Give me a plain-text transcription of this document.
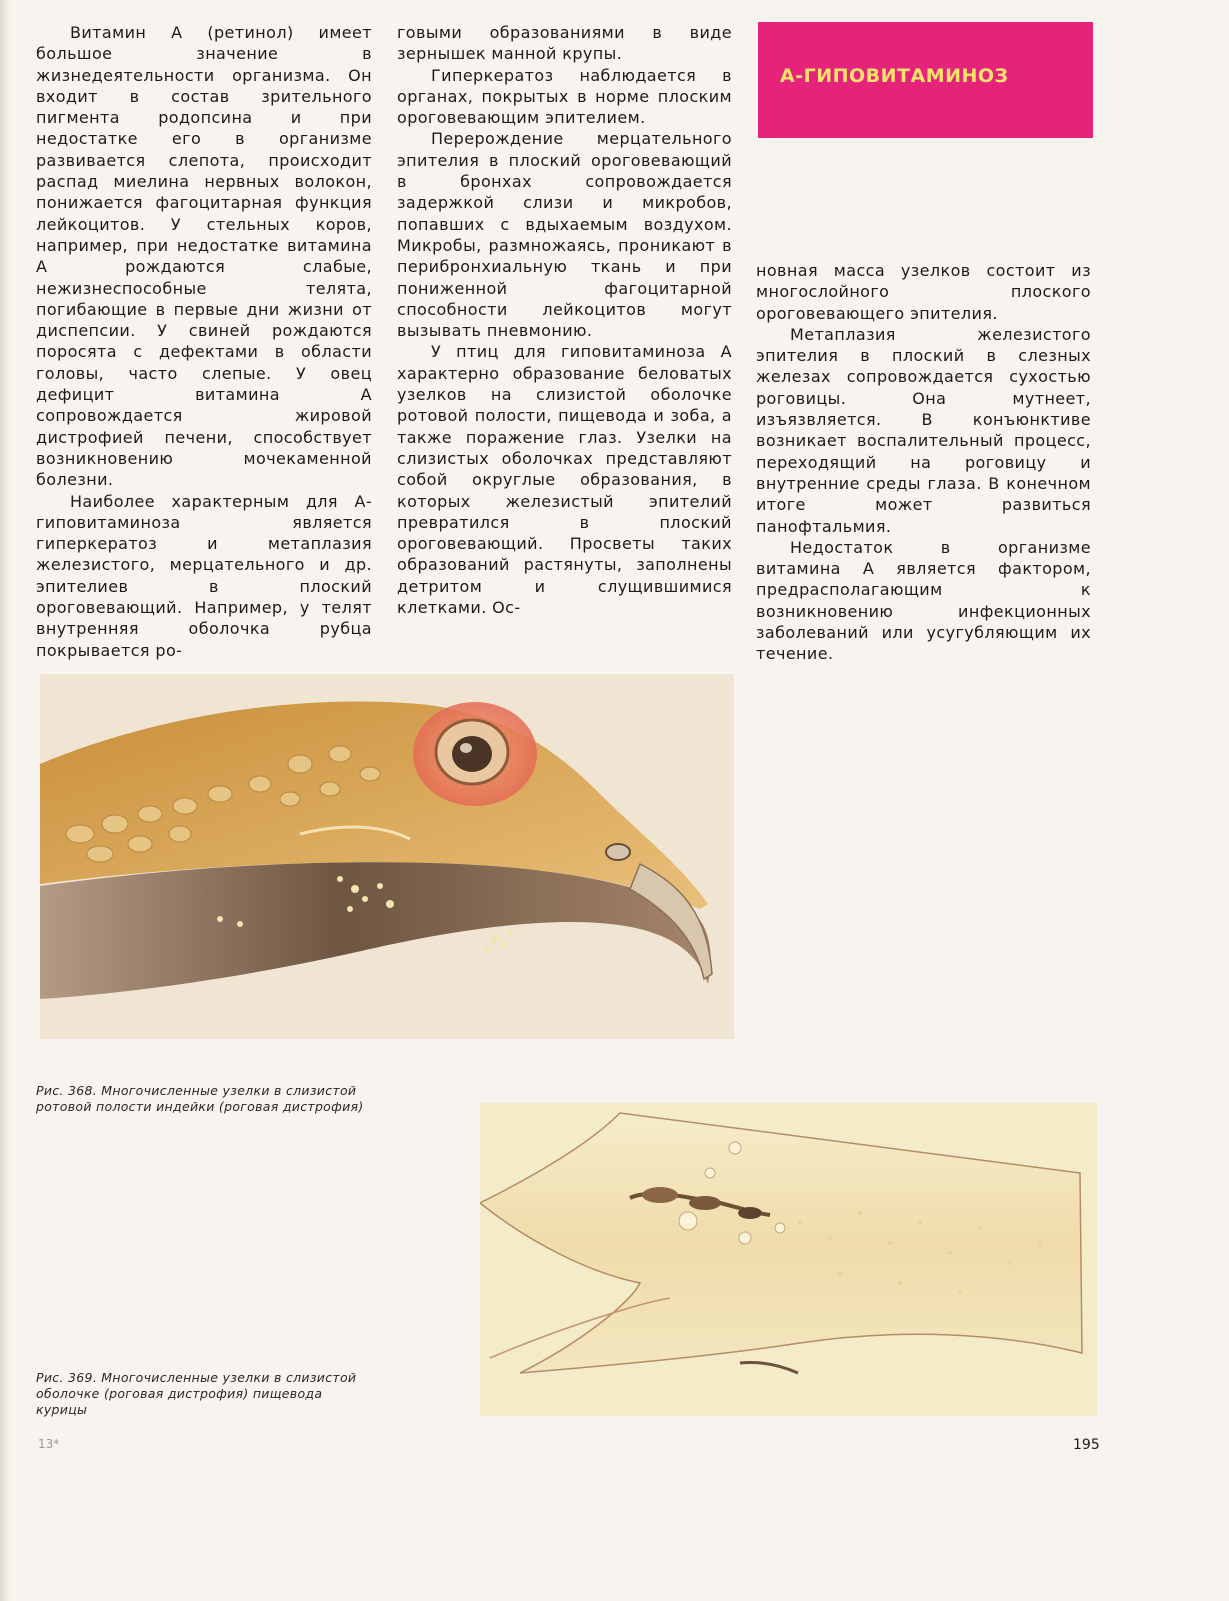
Витамин А (ретинол) имеет большое значение в жизнедеятельности организма. Он входит в состав зрительного пигмента родопсина и при недостатке его в организме развивается слепота, происходит распад миелина нервных волокон, понижается фагоцитарная функция лейкоцитов. У стельных коров, например, при недостатке витамина А рождаются слабые, нежизнеспособные телята, погибающие в первые дни жизни от диспепсии. У свиней рождаются поросята с дефектами в области головы, часто слепые. У овец дефицит витамина А сопровождается жировой дистрофией печени, способствует возникновению мочекаменной болезни.

Наиболее характерным для А-гиповитаминоза является гиперкератоз и метаплазия железистого, мерцательного и др. эпителиев в плоский ороговевающий. Например, у телят внутренняя оболочка рубца покрывается ро-

говыми образованиями в виде зернышек манной крупы.

Гиперкератоз наблюдается в органах, покрытых в норме плоским ороговевающим эпителием.

Перерождение мерцательного эпителия в плоский ороговевающий в бронхах сопровождается задержкой слизи и микробов, попавших с вдыхаемым воздухом. Микробы, размножаясь, проникают в перибронхиальную ткань и при пониженной фагоцитарной способности лейкоцитов могут вызывать пневмонию.

У птиц для гиповитаминоза А характерно образование беловатых узелков на слизистой оболочке ротовой полости, пищевода и зоба, а также поражение глаз. Узелки на слизистых оболочках представляют собой округлые образования, в которых железистый эпителий превратился в плоский ороговевающий. Просветы таких образований растянуты, заполнены детритом и слущившимися клетками. Ос-

А-ГИПОВИТАМИНОЗ

новная масса узелков состоит из многослойного плоского ороговевающего эпителия.

Метаплазия железистого эпителия в плоский в слезных железах сопровождается сухостью роговицы. Она мутнеет, изъязвляется. В конъюнктиве возникает воспалительный процесс, переходящий на роговицу и внутренние среды глаза. В конечном итоге может развиться панофтальмия.

Недостаток в организме витамина А является фактором, предрасполагающим к возникновению инфекционных заболеваний или усугубляющим их течение.

Рис. 368. Многочисленные узелки в слизистой ротовой полости индейки (роговая дистрофия)
Рис. 369. Многочисленные узелки в слизистой оболочке (роговая дистрофия) пищевода курицы
13*	195
